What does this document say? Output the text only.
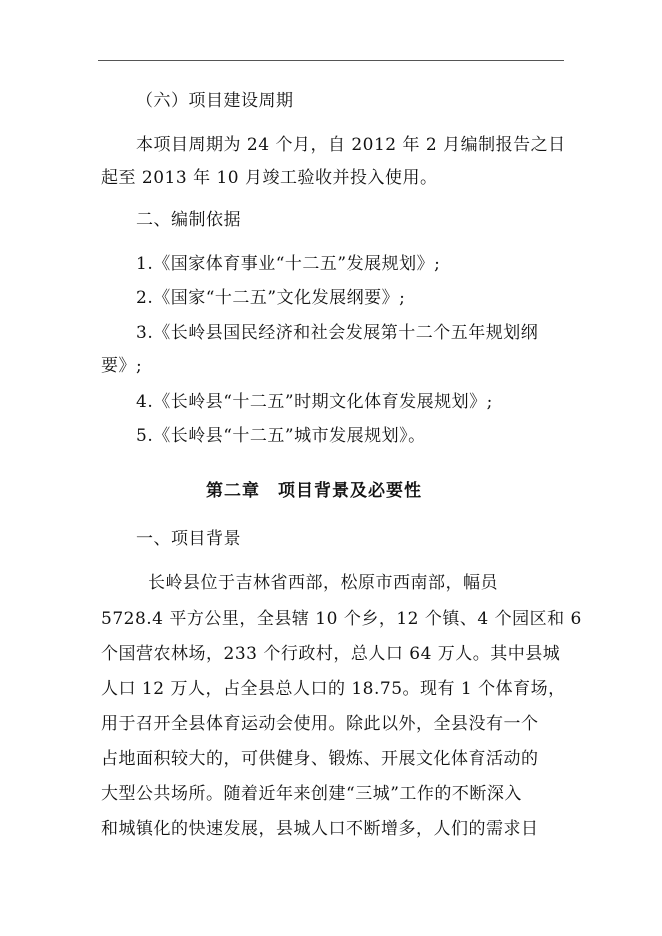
（六）项目建设周期
本项目周期为 24 个月，自 2012 年 2 月编制报告之日
起至 2013 年 10 月竣工验收并投入使用。
二、编制依据
1.《国家体育事业“十二五”发展规划》;
2.《国家“十二五”文化发展纲要》;
3.《长岭县国民经济和社会发展第十二个五年规划纲
要》;
4.《长岭县“十二五”时期文化体育发展规划》;
5.《长岭县“十二五”城市发展规划》。
第二章　项目背景及必要性
一、项目背景
长岭县位于吉林省西部，松原市西南部，幅员
5728.4 平方公里，全县辖 10 个乡，12 个镇、4 个园区和 6
个国营农林场，233 个行政村，总人口 64 万人。其中县城
人口 12 万人，占全县总人口的 18.75。现有 1 个体育场，
用于召开全县体育运动会使用。除此以外，全县没有一个
占地面积较大的，可供健身、锻炼、开展文化体育活动的
大型公共场所。随着近年来创建“三城”工作的不断深入
和城镇化的快速发展，县城人口不断增多，人们的需求日
